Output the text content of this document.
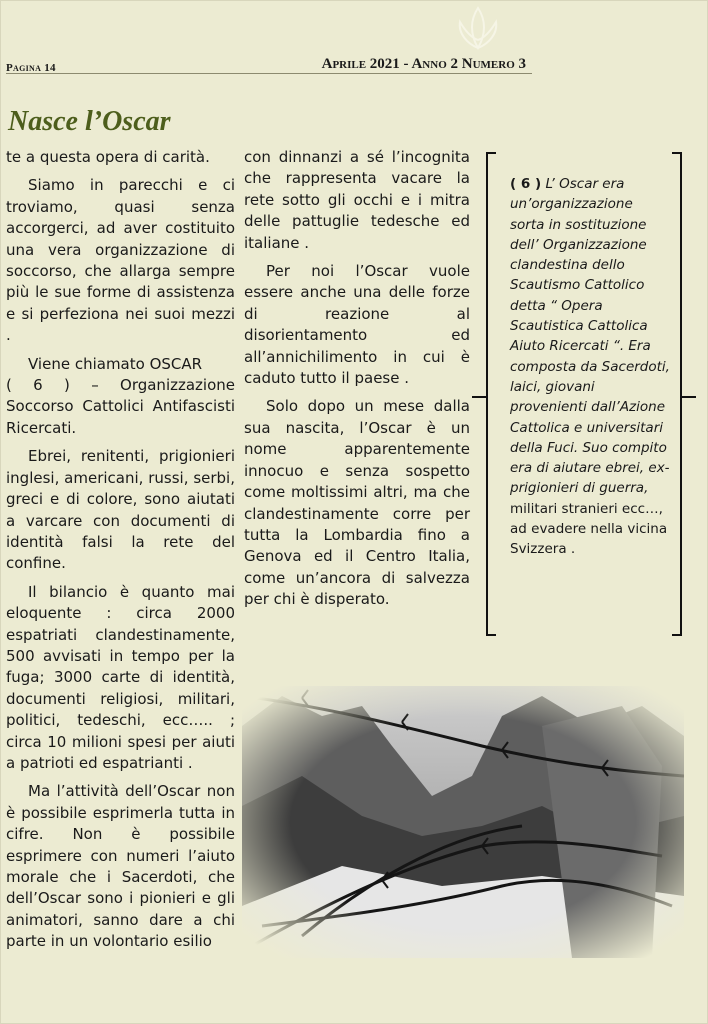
Pagina 14	Aprile 2021 - Anno 2 Numero 3
Nasce l’Oscar

te a questa opera di carità.

Siamo in parecchi e ci troviamo, quasi senza accorgerci, ad aver costituito una vera organizzazione di soccorso, che allarga sempre più le sue forme di assistenza e si perfeziona nei suoi mezzi .

Viene chiamato OSCAR

( 6 ) – Organizzazione Soccorso Cattolici Antifascisti Ricercati.

Ebrei, renitenti, prigionieri inglesi, americani, russi, serbi, greci e di colore, sono aiutati a varcare con documenti di identità falsi la rete del confine.

Il bilancio è quanto mai eloquente : circa 2000 espatriati clandestinamente, 500 avvisati in tempo per la fuga; 3000 carte di identità, documenti religiosi, militari, politici, tedeschi, ecc….. ; circa 10 milioni spesi per aiuti a patrioti ed espatrianti .

Ma l’attività dell’Oscar non è possibile esprimerla tutta in cifre. Non è possibile esprimere con numeri l’aiuto morale che i Sacerdoti, che dell’Oscar sono i pionieri e gli animatori, sanno dare a chi parte in un volontario esilio

con dinnanzi a sé l’incognita che rappresenta vacare la rete sotto gli occhi e i mitra delle pattuglie tedesche ed italiane .

Per noi l’Oscar vuole essere anche una delle forze di reazione al disorientamento ed all’annichilimento in cui è caduto tutto il paese .

Solo dopo un mese dalla sua nascita, l’Oscar è un nome apparentemente innocuo e senza sospetto come moltissimi altri, ma che clandestinamente corre per tutta la Lombardia fino a Genova ed il Centro Italia, come un’ancora di salvezza per chi è disperato.

( 6 ) L’ Oscar era un’organizzazione sorta in sostituzione dell’ Organizzazione clandestina dello Scautismo Cattolico detta “ Opera Scautistica Cattolica Aiuto Ricercati “. Era composta da Sacerdoti, laici, giovani provenienti dall’Azione Cattolica e universitari della Fuci. Suo compito era di aiutare ebrei, ex-prigionieri di guerra, militari stranieri ecc…, ad evadere nella vicina Svizzera .
